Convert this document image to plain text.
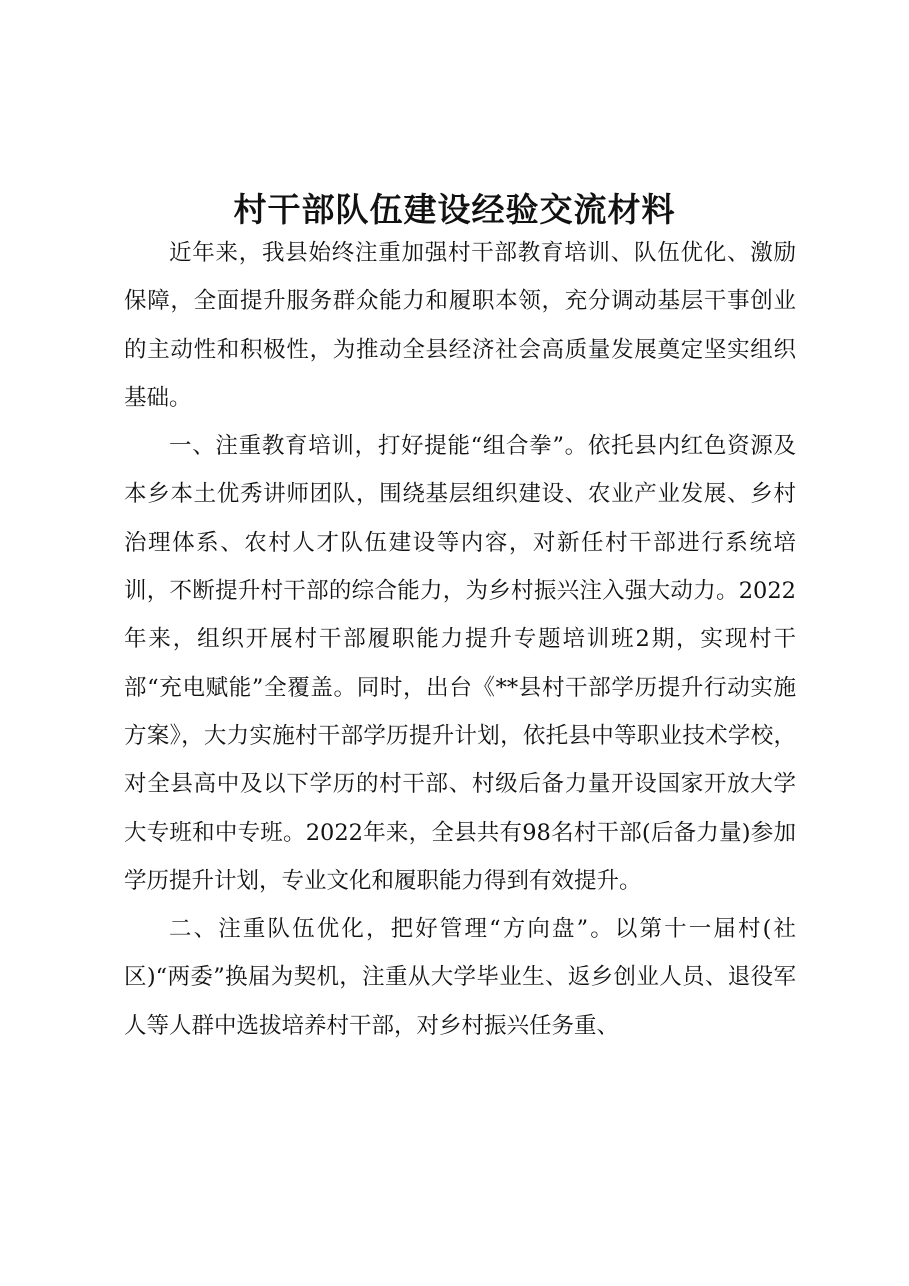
村干部队伍建设经验交流材料

近年来，我县始终注重加强村干部教育培训、队伍优化、激励保障，全面提升服务群众能力和履职本领，充分调动基层干事创业的主动性和积极性，为推动全县经济社会高质量发展奠定坚实组织基础。

一、注重教育培训，打好提能“组合拳”。依托县内红色资源及本乡本土优秀讲师团队，围绕基层组织建设、农业产业发展、乡村治理体系、农村人才队伍建设等内容，对新任村干部进行系统培训，不断提升村干部的综合能力，为乡村振兴注入强大动力。2022年来，组织开展村干部履职能力提升专题培训班2期，实现村干部“充电赋能”全覆盖。同时，出台《**县村干部学历提升行动实施方案》，大力实施村干部学历提升计划，依托县中等职业技术学校，对全县高中及以下学历的村干部、村级后备力量开设国家开放大学大专班和中专班。2022年来，全县共有98名村干部(后备力量)参加学历提升计划，专业文化和履职能力得到有效提升。

二、注重队伍优化，把好管理“方向盘”。以第十一届村(社区)“两委”换届为契机，注重从大学毕业生、返乡创业人员、退役军人等人群中选拔培养村干部，对乡村振兴任务重、
